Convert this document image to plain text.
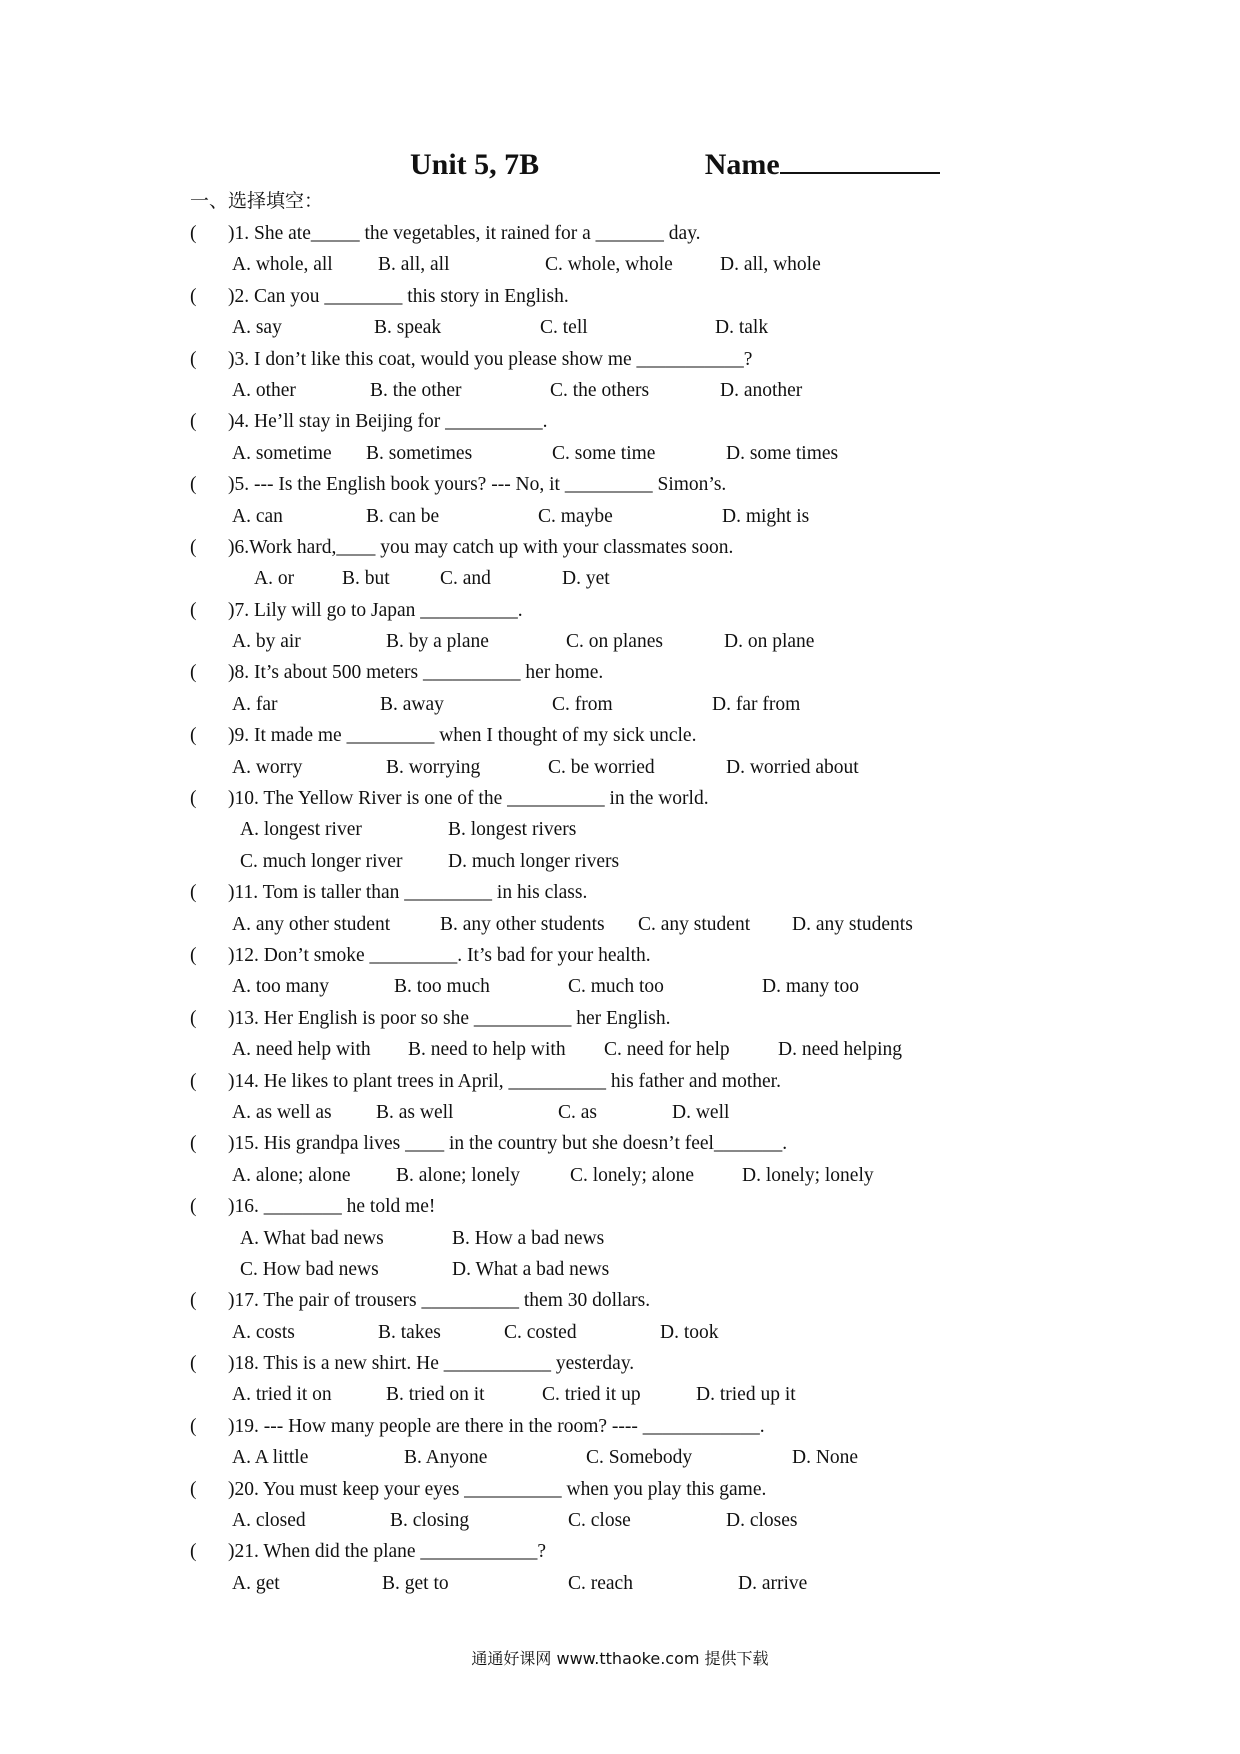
Unit 5, 7B	Name
一、选择填空：
( )1. She ate_____ the vegetables, it rained for a _______ day.
A. whole, all B. all, all	C. whole, whole D. all, whole
( )2. Can you ________ this story in English.
A. say	B. speak	C. tell	D. talk
( )3. I don’t like this coat, would you please show me ___________?
A. other	B. the other	C. the others	D. another
( )4. He’ll stay in Beijing for __________.
A. sometime B. sometimes	C. some time	D. some times
( )5. --- Is the English book yours? --- No, it _________ Simon’s.
A. can	B. can be	C. maybe	D. might is
( )6.Work hard,____ you may catch up with your classmates soon.
A. or B. but	C. and	D. yet
( )7. Lily will go to Japan __________.
A. by air	B. by a plane	C. on planes	D. on plane
( )8. It’s about 500 meters __________ her home.
A. far	B. away	C. from	D. far from
( )9. It made me _________ when I thought of my sick uncle.
A. worry	B. worrying	C. be worried	D. worried about
( )10. The Yellow River is one of the __________ in the world.
A. longest river	B. longest rivers
C. much longer river D. much longer rivers
( )11. Tom is taller than _________ in his class.
A. any other student	B. any other students C. any student D. any students
( )12. Don’t smoke _________. It’s bad for your health.
A. too many	B. too much	C. much too	D. many too
( )13. Her English is poor so she __________ her English.
A. need help with B. need to help with C. need for help D. need helping
( )14. He likes to plant trees in April, __________ his father and mother.
A. as well as B. as well	C. as	D. well
( )15. His grandpa lives ____ in the country but she doesn’t feel_______.
A. alone; alone B. alone; lonely	C. lonely; alone D. lonely; lonely
( )16. ________ he told me!
A. What bad news	B. How a bad news
C. How bad news	D. What a bad news
( )17. The pair of trousers __________ them 30 dollars.
A. costs	B. takes	C. costed	D. took
( )18. This is a new shirt. He ___________ yesterday.
A. tried it on	B. tried on it	C. tried it up	D. tried up it
( )19. --- How many people are there in the room? ---- ____________.
A. A little	B. Anyone	C. Somebody	D. None
( )20. You must keep your eyes __________ when you play this game.
A. closed	B. closing	C. close	D. closes
( )21. When did the plane ____________?
A. get	B. get to	C. reach	D. arrive
通通好课网 www.tthaoke.com 提供下载
